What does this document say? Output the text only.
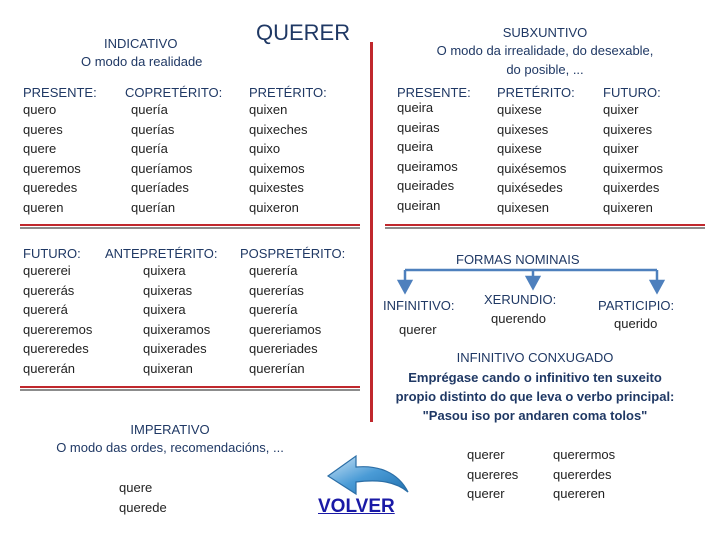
QUERER
INDICATIVO
O modo da realidade
PRESENTE:
quero
queres
quere
queremos
queredes
queren
COPRETÉRITO:
quería
querías
quería
queríamos
queríades
querían
PRETÉRITO:
quixen
quixeches
quixo
quixemos
quixestes
quixeron
FUTURO:
quererei
quererás
quererá
quereremos
quereredes
quererán
ANTEPRETÉRITO:
quixera
quixeras
quixera
quixeramos
quixerades
quixeran
POSPRETÉRITO:
querería
quererías
querería
quereriamos
quereriades
quererían
IMPERATIVO
O modo das ordes, recomendacións, ...
quere
querede
SUBXUNTIVO
O modo da irrealidade, do desexable,
do posible, ...
PRESENTE:
queira
queiras
queira
queiramos
queirades
queiran
PRETÉRITO:
quixese
quixeses
quixese
quixésemos
quixésedes
quixesen
FUTURO:
quixer
quixeres
quixer
quixermos
quixerdes
quixeren
FORMAS NOMINAIS
INFINITIVO:
querer
XERUNDIO:
querendo
PARTICIPIO:
querido
INFINITIVO CONXUGADO
Emprégase cando o infinitivo ten suxeito
propio distinto do que leva o verbo principal:
"Pasou iso por andaren coma tolos"
querer
quereres
querer
querermos
quererdes
quereren
VOLVER
